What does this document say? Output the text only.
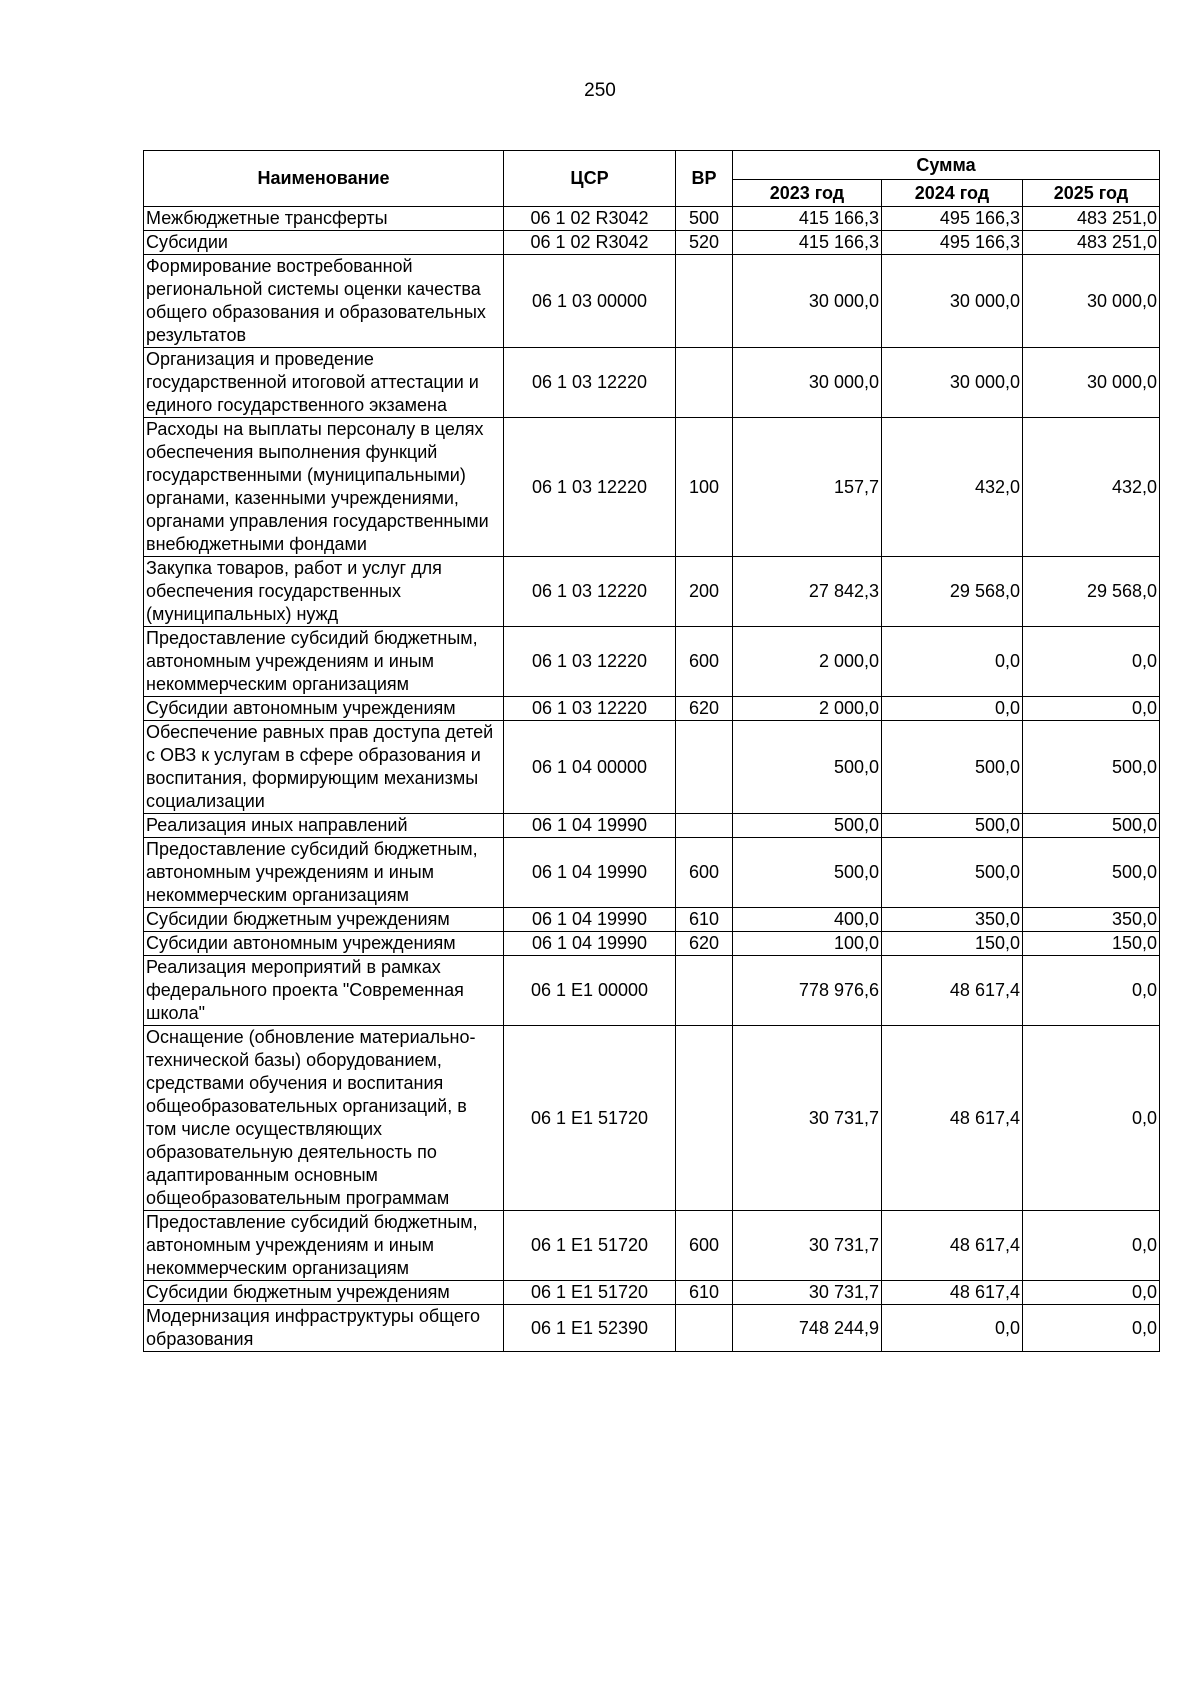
250
Наименование	ЦСР	ВР	Сумма		
			2023 год	2024 год	2025 год
Межбюджетные трансферты	06 1 02 R3042	500	415 166,3	495 166,3	483 251,0
Субсидии	06 1 02 R3042	520	415 166,3	495 166,3	483 251,0
Формирование востребованной региональной системы оценки качества общего образования и образовательных результатов	06 1 03 00000		30 000,0	30 000,0	30 000,0
Организация и проведение государственной итоговой аттестации и единого государственного экзамена	06 1 03 12220		30 000,0	30 000,0	30 000,0
Расходы на выплаты персоналу в целях обеспечения выполнения функций государственными (муниципальными) органами, казенными учреждениями, органами управления государственными внебюджетными фондами	06 1 03 12220	100	157,7	432,0	432,0
Закупка товаров, работ и услуг для обеспечения государственных (муниципальных) нужд	06 1 03 12220	200	27 842,3	29 568,0	29 568,0
Предоставление субсидий бюджетным, автономным учреждениям и иным некоммерческим организациям	06 1 03 12220	600	2 000,0	0,0	0,0
Субсидии автономным учреждениям	06 1 03 12220	620	2 000,0	0,0	0,0
Обеспечение равных прав доступа детей с ОВЗ к услугам в сфере образования и воспитания, формирующим механизмы социализации	06 1 04 00000		500,0	500,0	500,0
Реализация иных направлений	06 1 04 19990		500,0	500,0	500,0
Предоставление субсидий бюджетным, автономным учреждениям и иным некоммерческим организациям	06 1 04 19990	600	500,0	500,0	500,0
Субсидии бюджетным учреждениям	06 1 04 19990	610	400,0	350,0	350,0
Субсидии автономным учреждениям	06 1 04 19990	620	100,0	150,0	150,0
Реализация мероприятий в рамках федерального проекта "Современная школа"	06 1 E1 00000		778 976,6	48 617,4	0,0
Оснащение (обновление материально-технической базы) оборудованием, средствами обучения и воспитания общеобразовательных организаций, в том числе осуществляющих образовательную деятельность по адаптированным основным общеобразовательным программам	06 1 E1 51720		30 731,7	48 617,4	0,0
Предоставление субсидий бюджетным, автономным учреждениям и иным некоммерческим организациям	06 1 E1 51720	600	30 731,7	48 617,4	0,0
Субсидии бюджетным учреждениям	06 1 E1 51720	610	30 731,7	48 617,4	0,0
Модернизация инфраструктуры общего образования	06 1 E1 52390		748 244,9	0,0	0,0
